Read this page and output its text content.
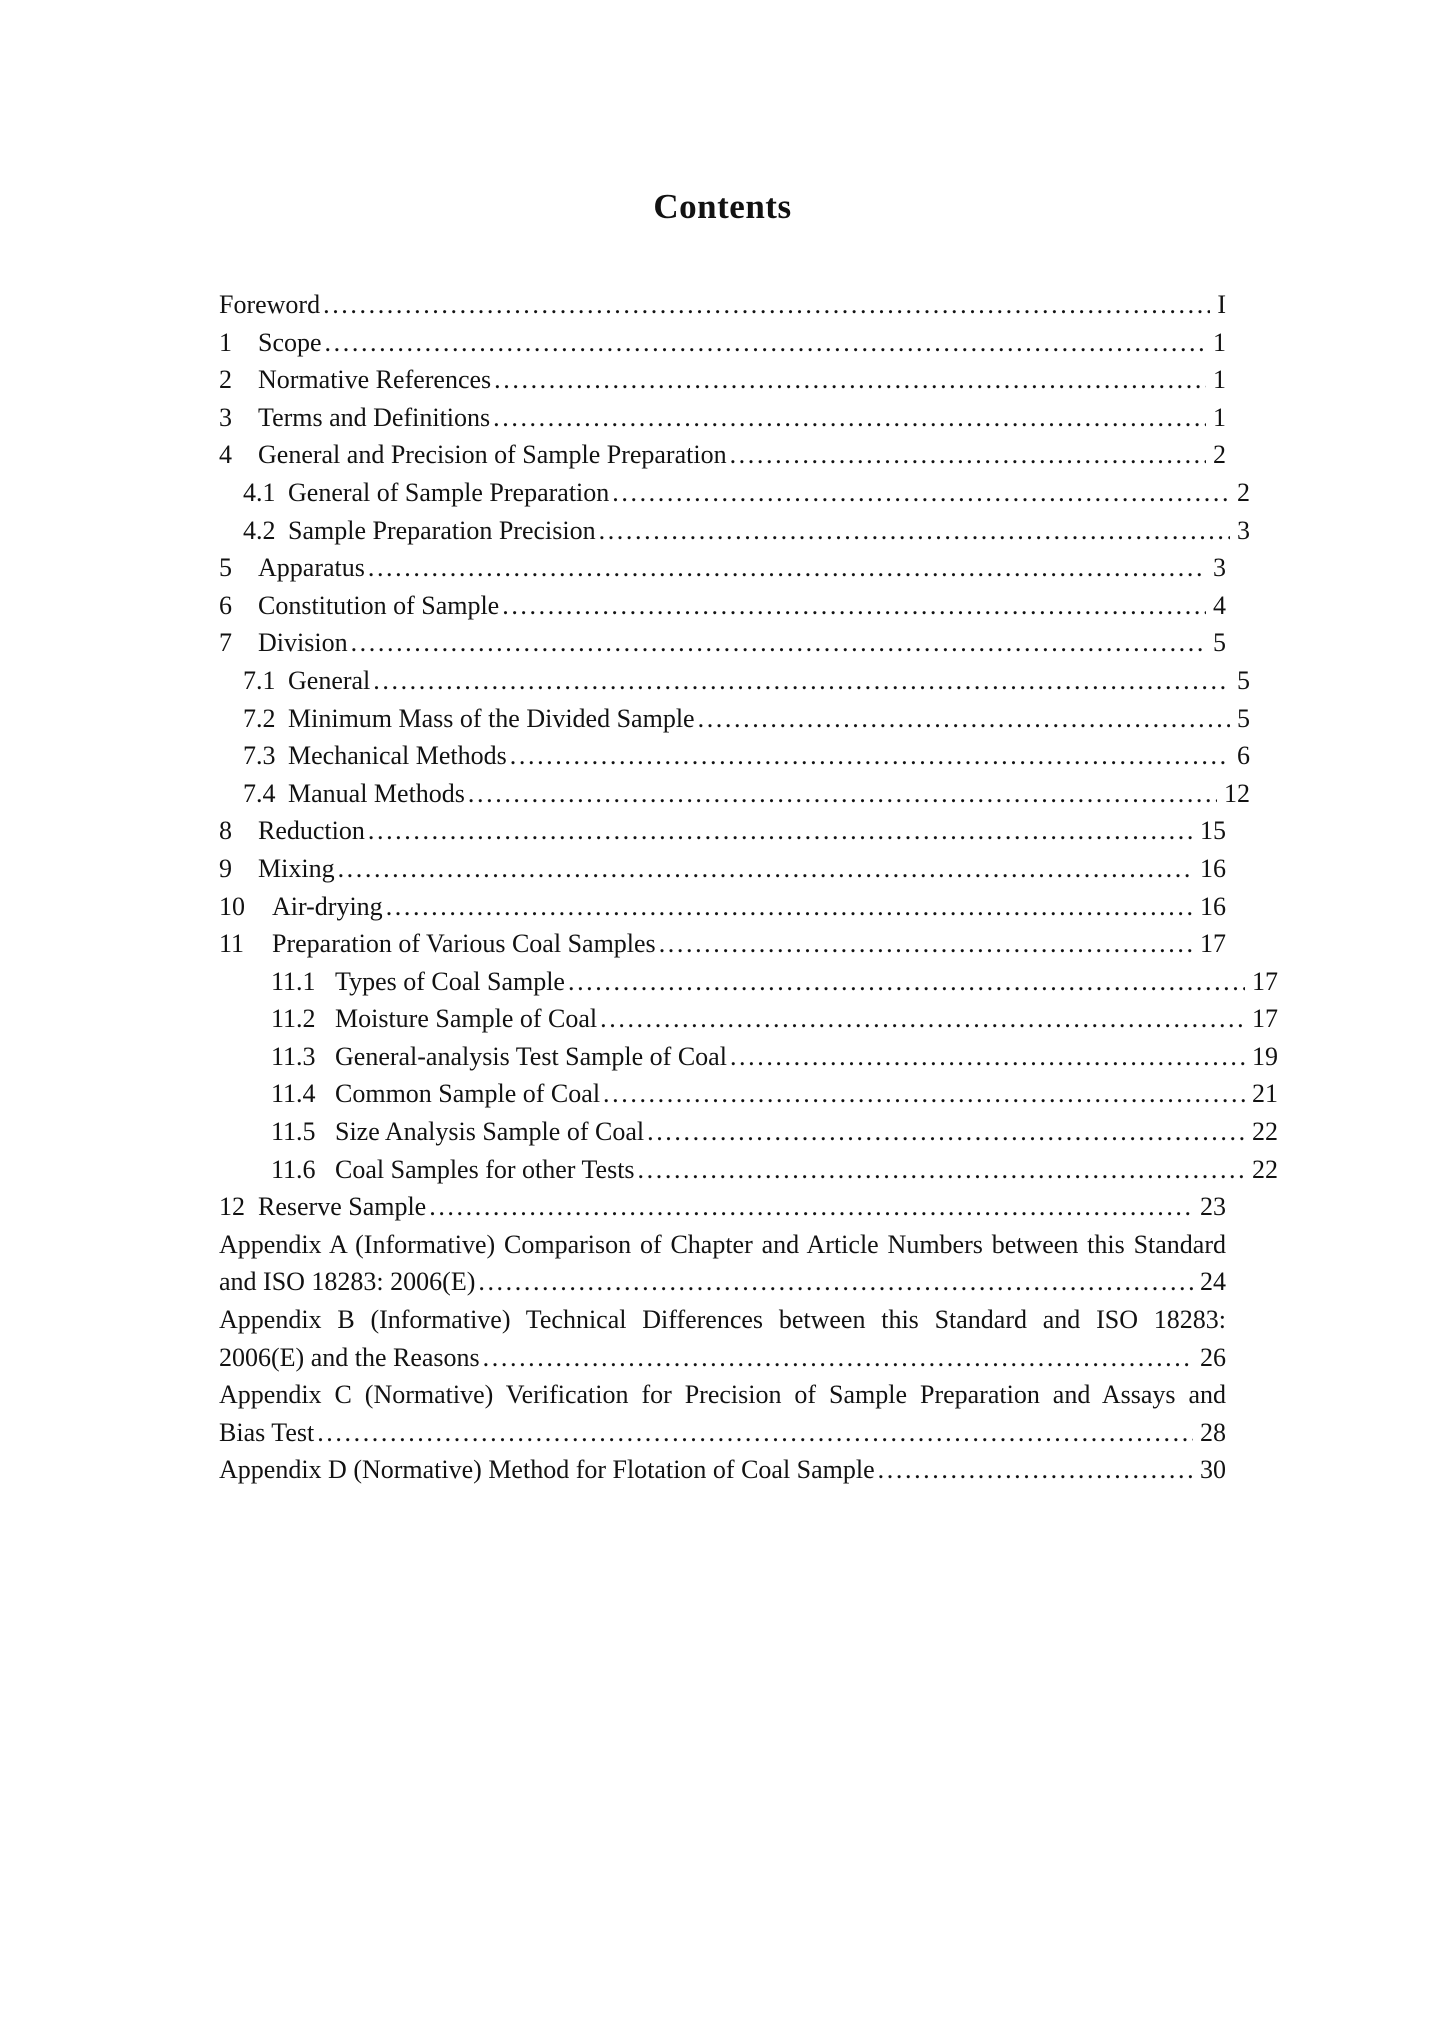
Contents
Foreword .....	I
1	Scope .....	1
2	Normative References .....	1
3	Terms and Definitions .....	1
4	General and Precision of Sample Preparation .....	2
4.1 General of Sample Preparation .....	2
4.2 Sample Preparation Precision .....	3
5	Apparatus .....	3
6	Constitution of Sample .....	4
7	Division .....	5
7.1 General .....	5
7.2 Minimum Mass of the Divided Sample .....	5
7.3 Mechanical Methods .....	6
7.4 Manual Methods .....	12
8	Reduction .....	15
9	Mixing .....	16
10	Air-drying .....	16
11	Preparation of Various Coal Samples .....	17
11.1 Types of Coal Sample .....	17
11.2 Moisture Sample of Coal .....	17
11.3 General-analysis Test Sample of Coal .....	19
11.4 Common Sample of Coal .....	21
11.5 Size Analysis Sample of Coal .....	22
11.6 Coal Samples for other Tests .....	22
12 Reserve Sample .....	23
Appendix A (Informative) Comparison of Chapter and Article Numbers between this Standard
and ISO 18283: 2006(E) .....	24
Appendix B (Informative) Technical Differences between this Standard and ISO 18283:
2006(E) and the Reasons .....	26
Appendix C (Normative) Verification for Precision of Sample Preparation and Assays and
Bias Test .....	28
Appendix D (Normative) Method for Flotation of Coal Sample .....	30
